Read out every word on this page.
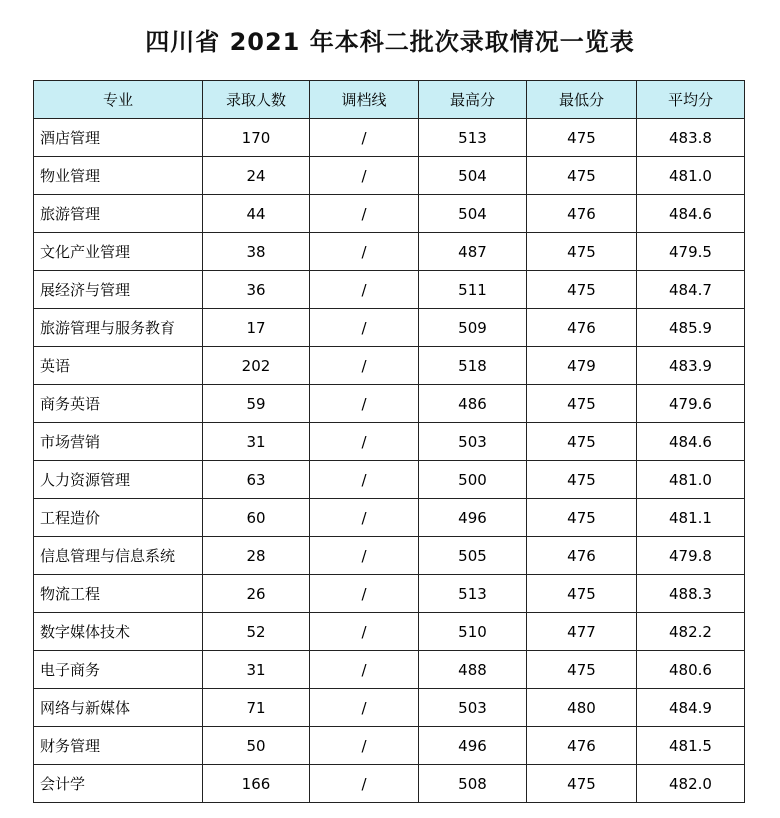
四川省 2021 年本科二批次录取情况一览表
专业	录取人数	调档线	最高分	最低分	平均分
酒店管理	170	/	513	475	483.8
物业管理	24	/	504	475	481.0
旅游管理	44	/	504	476	484.6
文化产业管理	38	/	487	475	479.5
展经济与管理	36	/	511	475	484.7
旅游管理与服务教育	17	/	509	476	485.9
英语	202	/	518	479	483.9
商务英语	59	/	486	475	479.6
市场营销	31	/	503	475	484.6
人力资源管理	63	/	500	475	481.0
工程造价	60	/	496	475	481.1
信息管理与信息系统	28	/	505	476	479.8
物流工程	26	/	513	475	488.3
数字媒体技术	52	/	510	477	482.2
电子商务	31	/	488	475	480.6
网络与新媒体	71	/	503	480	484.9
财务管理	50	/	496	476	481.5
会计学	166	/	508	475	482.0
